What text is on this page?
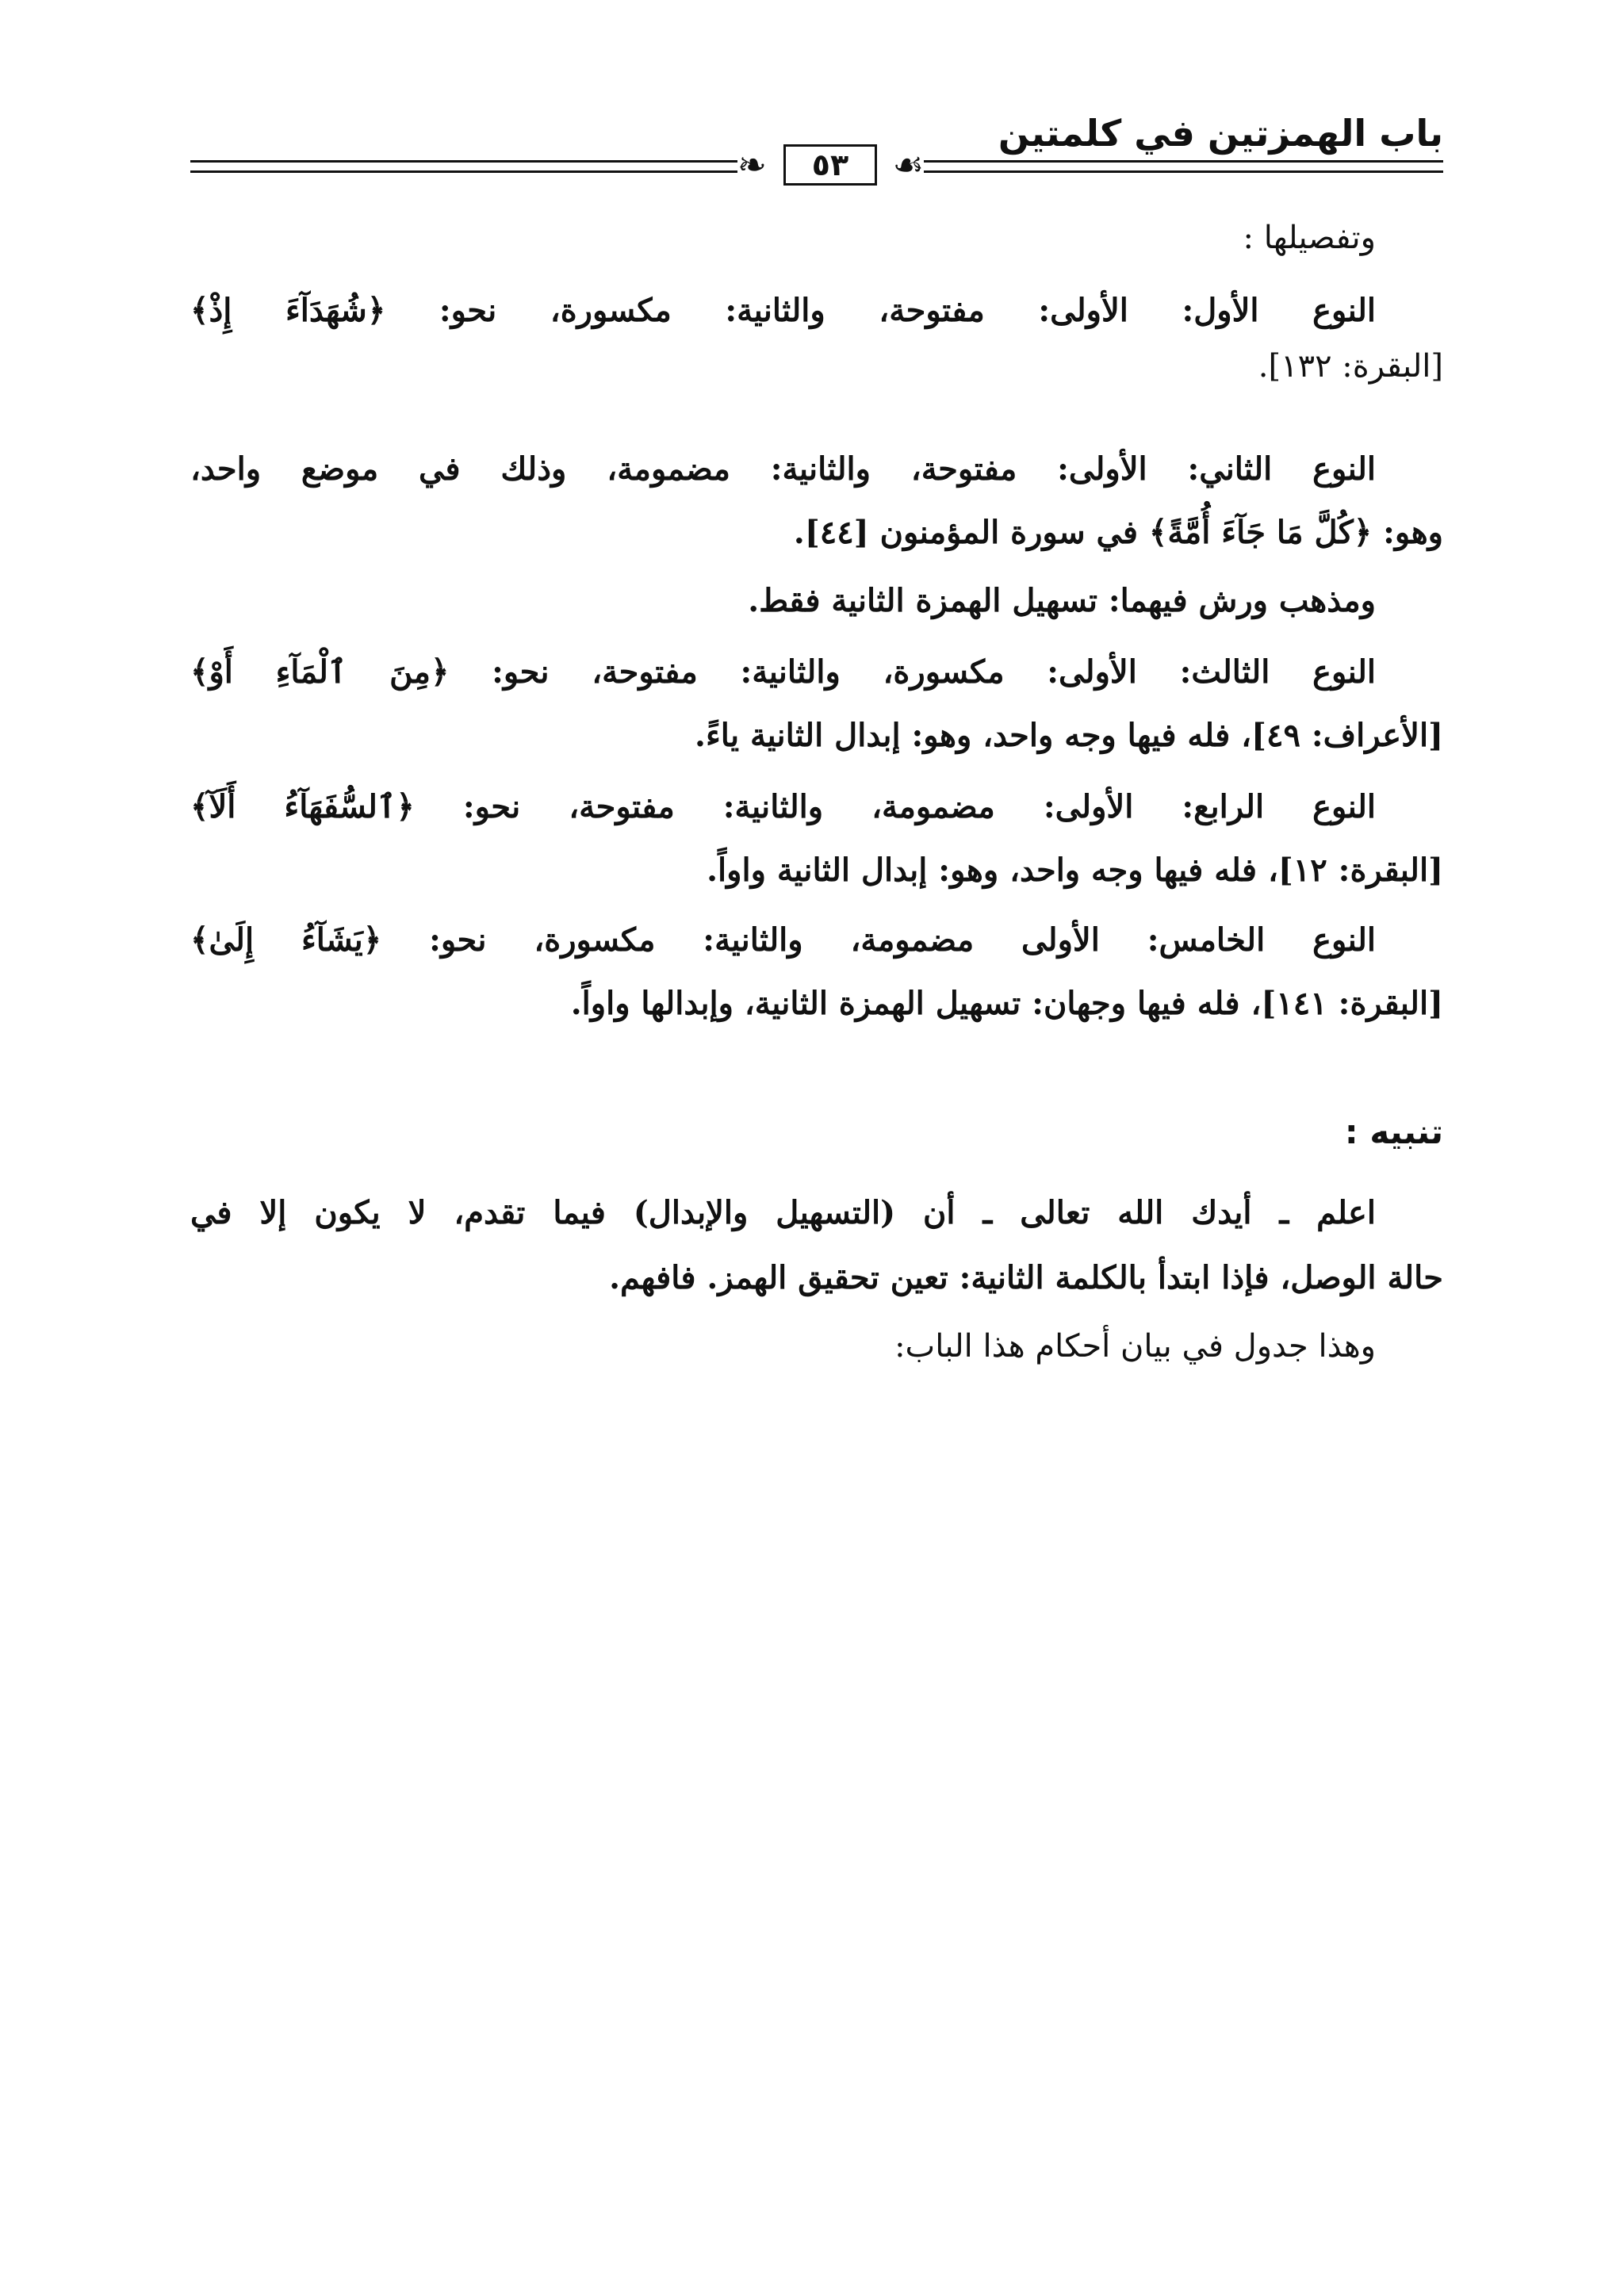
باب الهمزتين في كلمتين
❧	٥٣	☙
وتفصيلها :
النوع الأول: الأولى: مفتوحة، والثانية: مكسورة، نحو: ﴿شُهَدَآءَ إِذْ﴾
[البقرة: ١٣٢].
النوع الثاني: الأولى: مفتوحة، والثانية: مضمومة، وذلك في موضع واحد،
وهو: ﴿كُلَّ مَا جَآءَ أُمَّةً﴾ في سورة المؤمنون [٤٤].
ومذهب ورش فيهما: تسهيل الهمزة الثانية فقط.
النوع الثالث: الأولى: مكسورة، والثانية: مفتوحة، نحو: ﴿مِنَ ٱلْمَآءِ أَوْ﴾
[الأعراف: ٤٩]، فله فيها وجه واحد، وهو: إبدال الثانية ياءً.
النوع الرابع: الأولى: مضمومة، والثانية: مفتوحة، نحو: ﴿ٱلسُّفَهَآءُ أَلَآ﴾
[البقرة: ١٢]، فله فيها وجه واحد، وهو: إبدال الثانية واواً.
النوع الخامس: الأولى مضمومة، والثانية: مكسورة، نحو: ﴿يَشَآءُ إِلَىٰ﴾
[البقرة: ١٤١]، فله فيها وجهان: تسهيل الهمزة الثانية، وإبدالها واواً.
تنبيه :
اعلم ـ أيدك الله تعالى ـ أن (التسهيل والإبدال) فيما تقدم، لا يكون إلا في
حالة الوصل، فإذا ابتدأ بالكلمة الثانية: تعين تحقيق الهمز. فافهم.
وهذا جدول في بيان أحكام هذا الباب:
